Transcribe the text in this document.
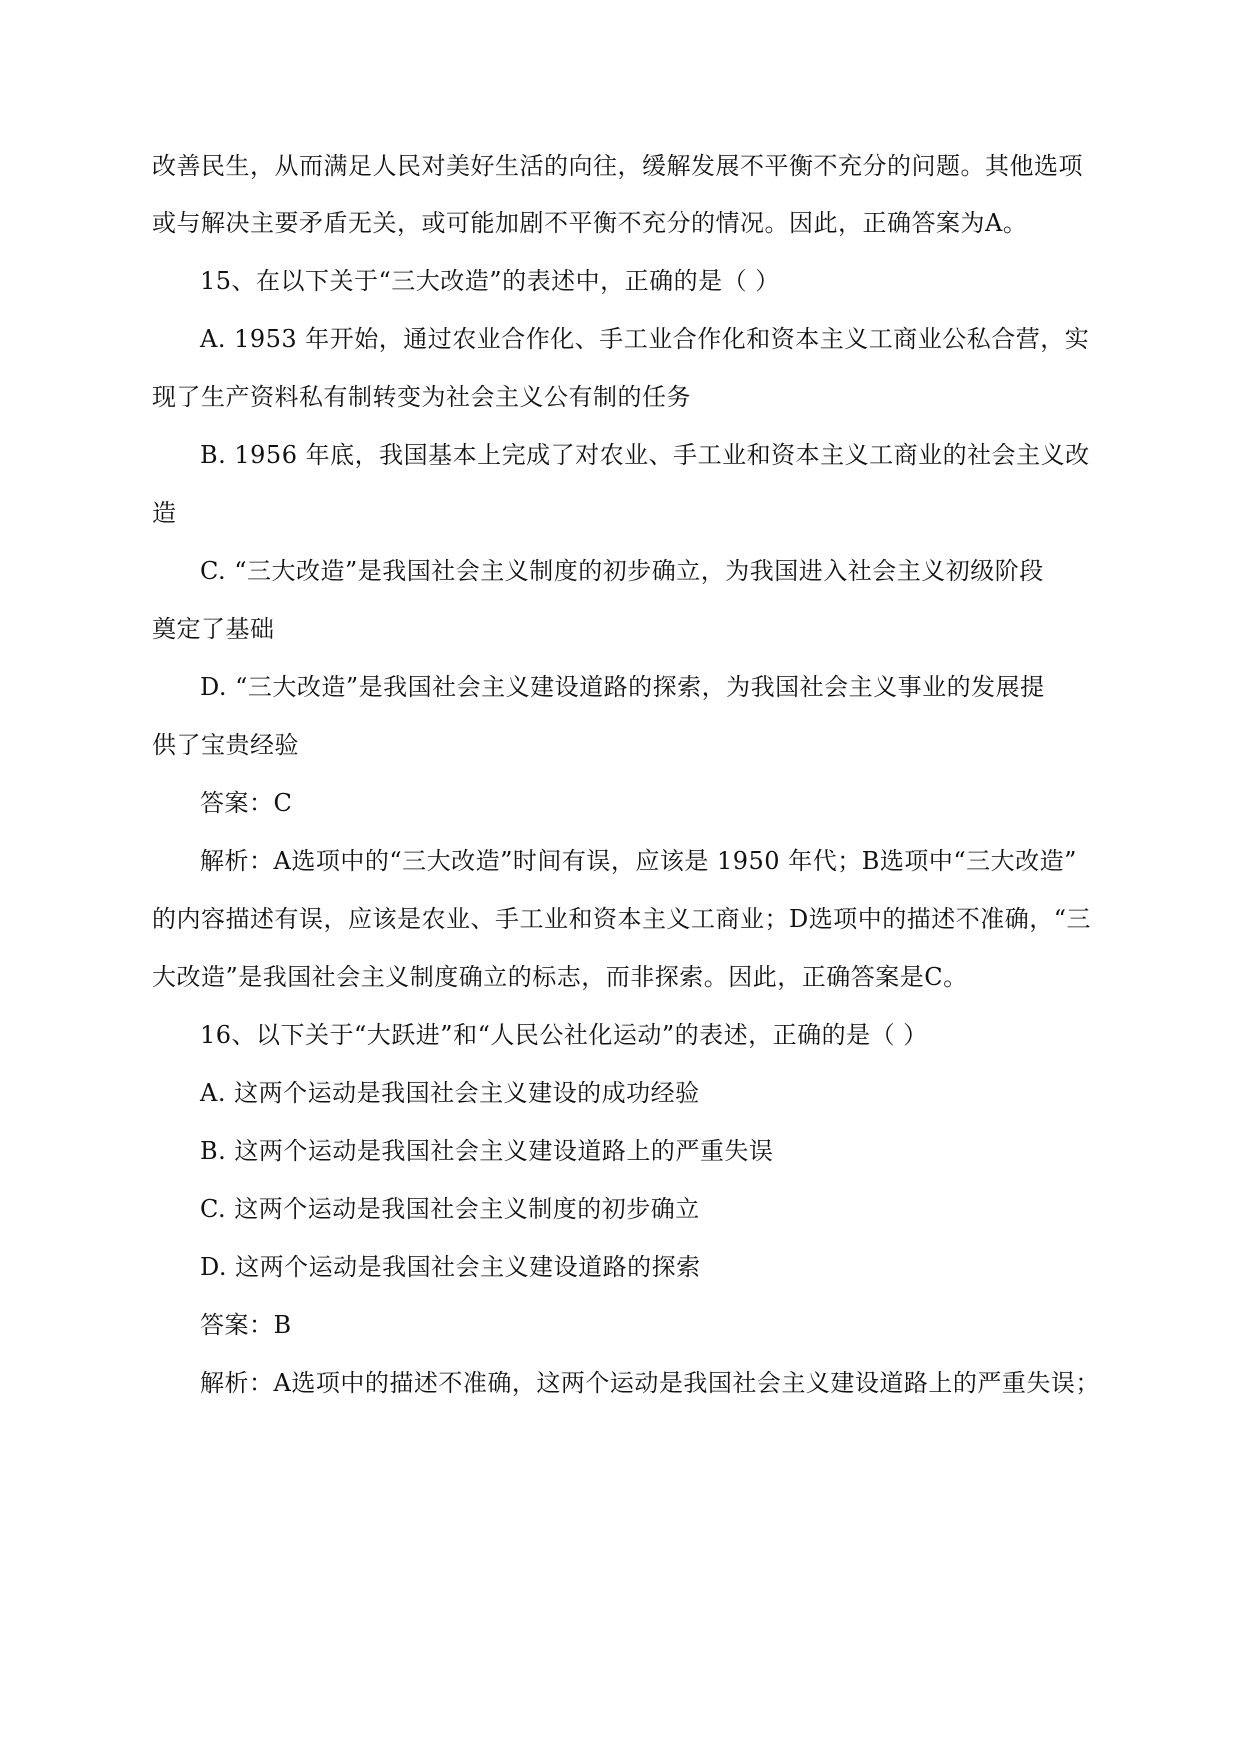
改善民生，从而满足人民对美好生活的向往，缓解发展不平衡不充分的问题。其他选项
或与解决主要矛盾无关，或可能加剧不平衡不充分的情况。因此，正确答案为A。
15、在以下关于“三大改造”的表述中，正确的是（ ）
A. 1953 年开始，通过农业合作化、手工业合作化和资本主义工商业公私合营，实
现了生产资料私有制转变为社会主义公有制的任务
B. 1956 年底，我国基本上完成了对农业、手工业和资本主义工商业的社会主义改
造
C. “三大改造”是我国社会主义制度的初步确立，为我国进入社会主义初级阶段
奠定了基础
D. “三大改造”是我国社会主义建设道路的探索，为我国社会主义事业的发展提
供了宝贵经验
答案：C
解析：A选项中的“三大改造”时间有误，应该是 1950 年代；B选项中“三大改造”
的内容描述有误，应该是农业、手工业和资本主义工商业；D选项中的描述不准确，“三
大改造”是我国社会主义制度确立的标志，而非探索。因此，正确答案是C。
16、以下关于“大跃进”和“人民公社化运动”的表述，正确的是（ ）
A. 这两个运动是我国社会主义建设的成功经验
B. 这两个运动是我国社会主义建设道路上的严重失误
C. 这两个运动是我国社会主义制度的初步确立
D. 这两个运动是我国社会主义建设道路的探索
答案：B
解析：A选项中的描述不准确，这两个运动是我国社会主义建设道路上的严重失误；
